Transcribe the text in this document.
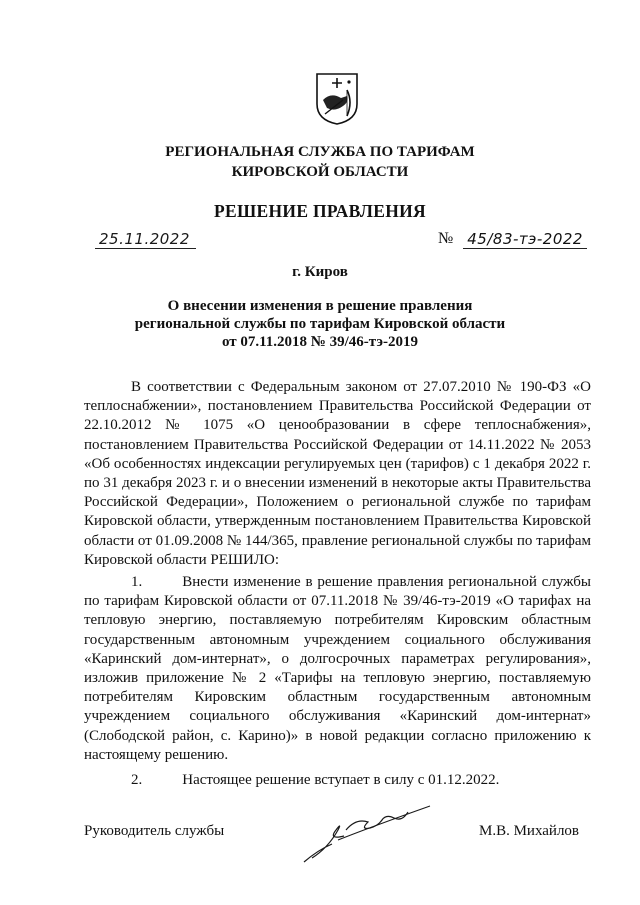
РЕГИОНАЛЬНАЯ СЛУЖБА ПО ТАРИФАМ
КИРОВСКОЙ ОБЛАСТИ
РЕШЕНИЕ ПРАВЛЕНИЯ
25.11.2022	№ 45/83-тэ-2022
г. Киров
О внесении изменения в решение правления
региональной службы по тарифам Кировской области
от 07.11.2018 № 39/46-тэ-2019
В соответствии с Федеральным законом от 27.07.2010 № 190-ФЗ «О теплоснабжении», постановлением Правительства Российской Федерации от 22.10.2012 № 1075 «О ценообразовании в сфере теплоснабжения», постановлением Правительства Российской Федерации от 14.11.2022 № 2053 «Об особенностях индексации регулируемых цен (тарифов) с 1 декабря 2022 г. по 31 декабря 2023 г. и о внесении изменений в некоторые акты Правительства Российской Федерации», Положением о региональной службе по тарифам Кировской области, утвержденным постановлением Правительства Кировской области от 01.09.2008 № 144/365, правление региональной службы по тарифам Кировской области РЕШИЛО:
1.	Внести изменение в решение правления региональной службы по тарифам Кировской области от 07.11.2018 № 39/46-тэ-2019 «О тарифах на тепловую энергию, поставляемую потребителям Кировским областным государственным автономным учреждением социального обслуживания «Каринский дом-интернат», о долгосрочных параметрах регулирования», изложив приложение № 2 «Тарифы на тепловую энергию, поставляемую потребителям Кировским областным государственным автономным учреждением социального обслуживания «Каринский дом-интернат» (Слободской район, с. Карино)» в новой редакции согласно приложению к настоящему решению.
2.	Настоящее решение вступает в силу с 01.12.2022.
Руководитель службы	М.В. Михайлов
